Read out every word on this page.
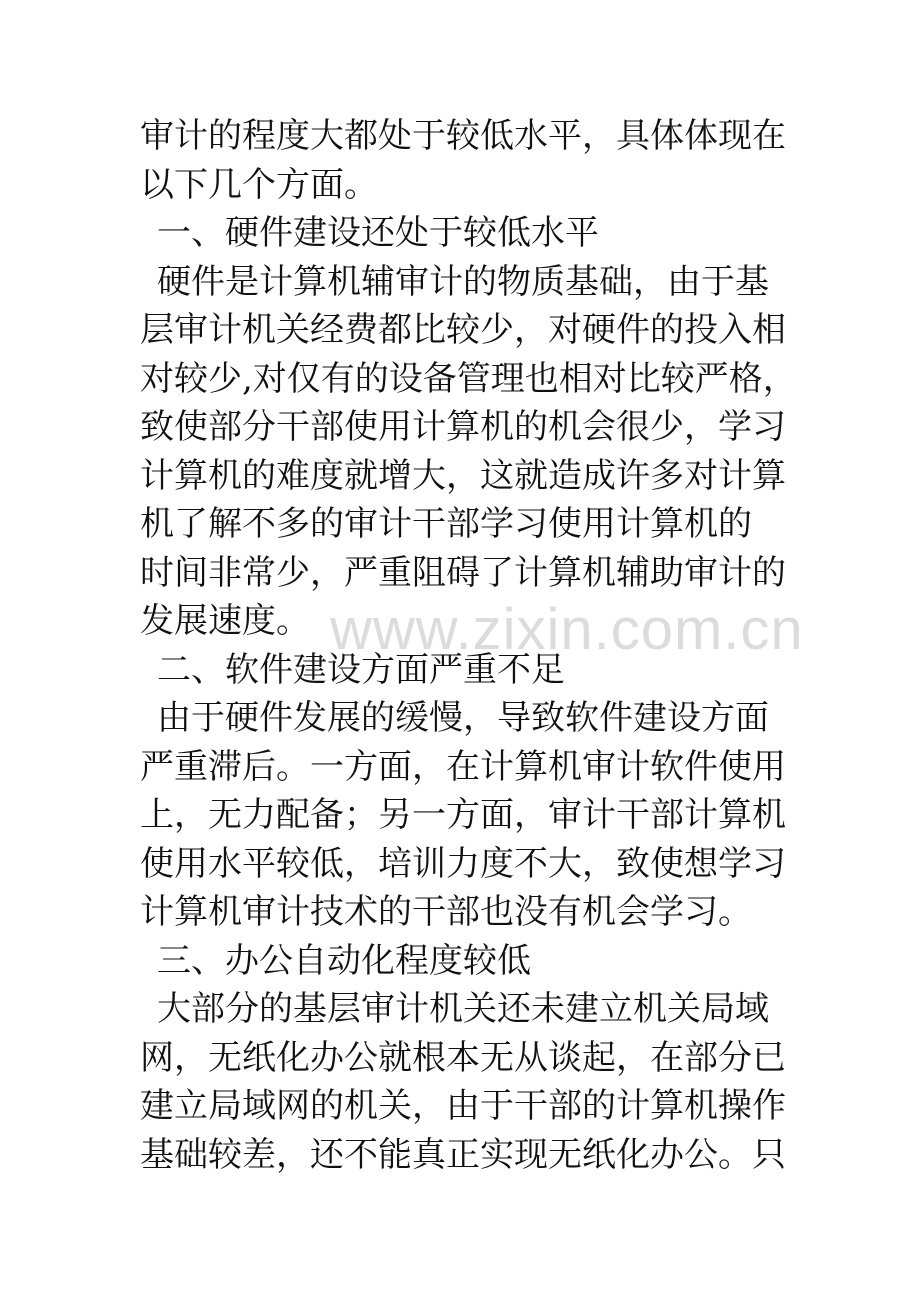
审计的程度大都处于较低水平，具体体现在
以下几个方面。
一、硬件建设还处于较低水平
硬件是计算机辅审计的物质基础，由于基
层审计机关经费都比较少，对硬件的投入相
对较少,对仅有的设备管理也相对比较严格，
致使部分干部使用计算机的机会很少，学习
计算机的难度就增大，这就造成许多对计算
机了解不多的审计干部学习使用计算机的
时间非常少，严重阻碍了计算机辅助审计的
发展速度。
二、软件建设方面严重不足
由于硬件发展的缓慢，导致软件建设方面
严重滞后。一方面，在计算机审计软件使用
上，无力配备；另一方面，审计干部计算机
使用水平较低，培训力度不大，致使想学习
计算机审计技术的干部也没有机会学习。
三、办公自动化程度较低
大部分的基层审计机关还未建立机关局域
网，无纸化办公就根本无从谈起，在部分已
建立局域网的机关，由于干部的计算机操作
基础较差，还不能真正实现无纸化办公。只
www.zixin.com.cn
